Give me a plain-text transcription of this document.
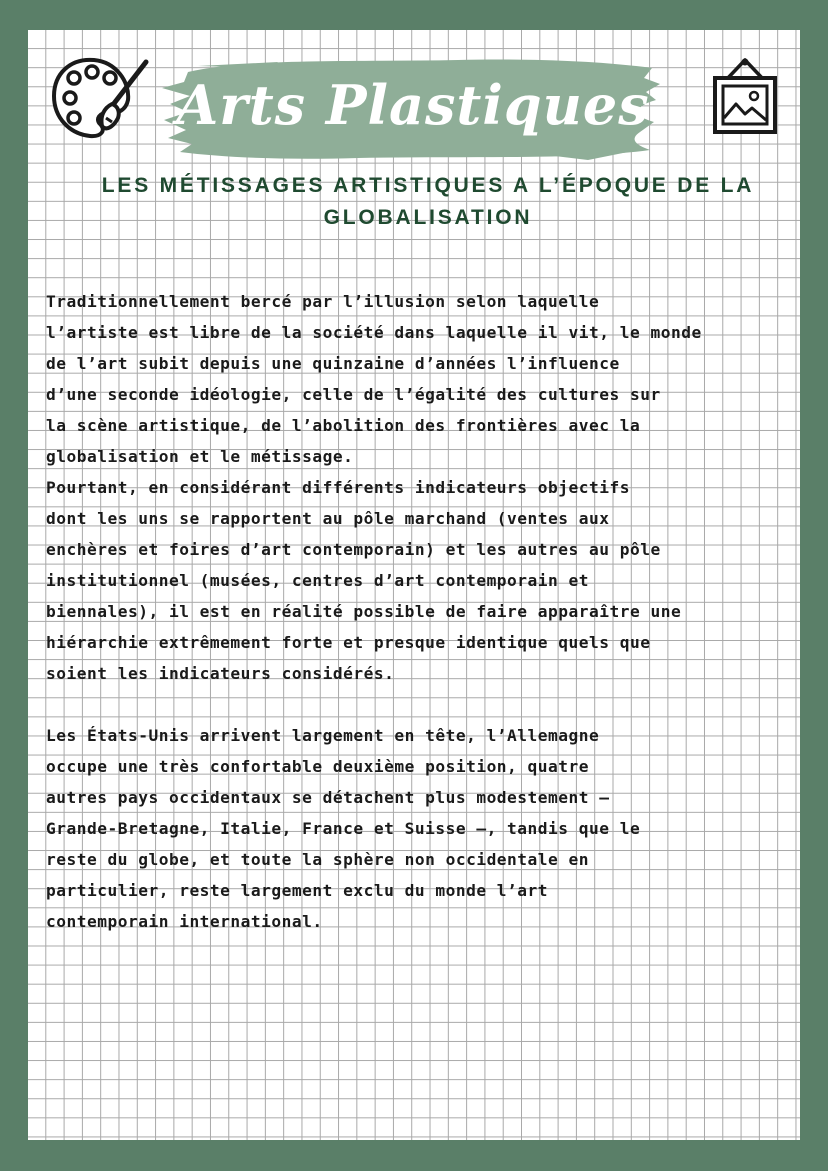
Arts Plastiques
LES MÉTISSAGES ARTISTIQUES A L’ÉPOQUE DE LA
GLOBALISATION

Traditionnellement bercé par l’illusion selon laquelle
l’artiste est libre de la société dans laquelle il vit, le monde
de l’art subit depuis une quinzaine d’années l’influence
d’une seconde idéologie, celle de l’égalité des cultures sur
la scène artistique, de l’abolition des frontières avec la
globalisation et le métissage.

Pourtant, en considérant différents indicateurs objectifs
dont les uns se rapportent au pôle marchand (ventes aux
enchères et foires d’art contemporain) et les autres au pôle
institutionnel (musées, centres d’art contemporain et
biennales), il est en réalité possible de faire apparaître une
hiérarchie extrêmement forte et presque identique quels que
soient les indicateurs considérés.

Les États-Unis arrivent largement en tête, l’Allemagne
occupe une très confortable deuxième position, quatre
autres pays occidentaux se détachent plus modestement —
Grande-Bretagne, Italie, France et Suisse —, tandis que le
reste du globe, et toute la sphère non occidentale en
particulier, reste largement exclu du monde l’art
contemporain international.
